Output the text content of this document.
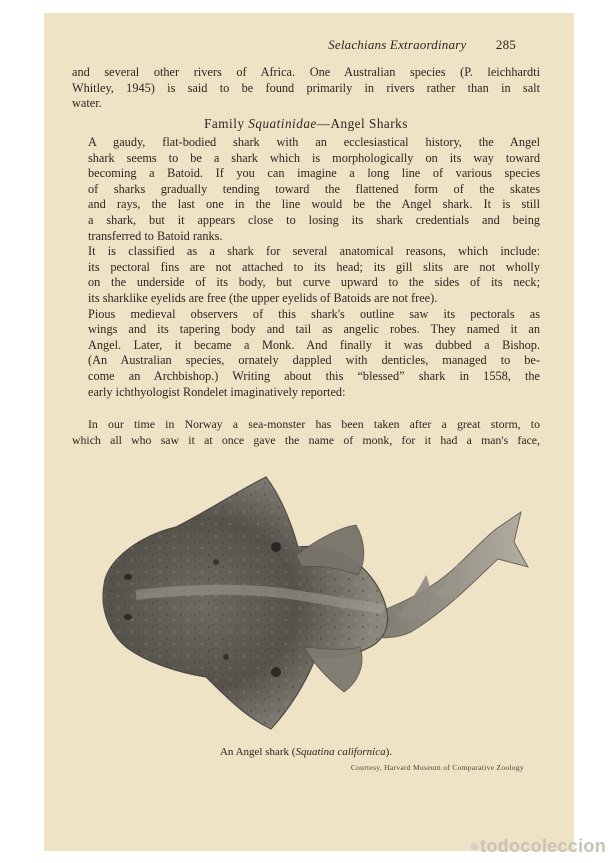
Selachians Extraordinary 285
and several other rivers of Africa. One Australian species (P. leichhardti
Whitley, 1945) is said to be found primarily in rivers rather than in salt
water.
Family Squatinidae—Angel Sharks

A gaudy, flat-bodied shark with an ecclesiastical history, the Angel
shark seems to be a shark which is morphologically on its way toward
becoming a Batoid. If you can imagine a long line of various species
of sharks gradually tending toward the flattened form of the skates
and rays, the last one in the line would be the Angel shark. It is still
a shark, but it appears close to losing its shark credentials and being
transferred to Batoid ranks.

It is classified as a shark for several anatomical reasons, which include:
its pectoral fins are not attached to its head; its gill slits are not wholly
on the underside of its body, but curve upward to the sides of its neck;
its sharklike eyelids are free (the upper eyelids of Batoids are not free).

Pious medieval observers of this shark's outline saw its pectorals as
wings and its tapering body and tail as angelic robes. They named it an
Angel. Later, it became a Monk. And finally it was dubbed a Bishop.
(An Australian species, ornately dappled with denticles, managed to be-
come an Archbishop.) Writing about this “blessed” shark in 1558, the
early ichthyologist Rondelet imaginatively reported:

In our time in Norway a sea-monster has been taken after a great storm, to
which all who saw it at once gave the name of monk, for it had a man's face,
An Angel shark (Squatina californica).
Courtesy, Harvard Museum of Comparative Zoology
●todocoleccion
